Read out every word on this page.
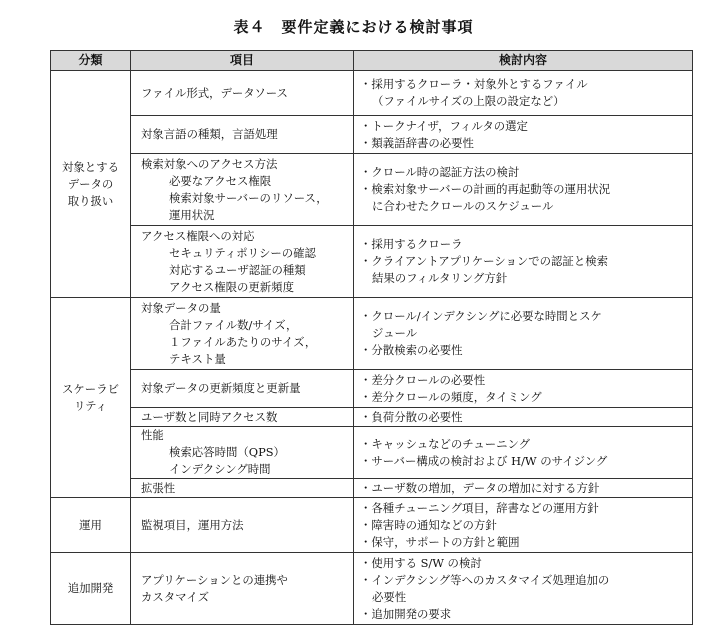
表４　要件定義における検討事項
分類	項目	検討内容

対象とする
データの
取り扱い	ファイル形式，データソース	・ 採用するクローラ・対象外とするファイル
（ファイルサイズの上限の設定など）

	対象言語の種類，言語処理	・ トークナイザ，フィルタの選定
・ 類義語辞書の必要性

	検索対象へのアクセス方法
必要なアクセス権限
検索対象サーバーのリソース，
運用状況	・ クロール時の認証方法の検討
・ 検索対象サーバーの計画的再起動等の運用状況
に合わせたクロールのスケジュール

	アクセス権限への対応
セキュリティポリシーの確認
対応するユーザ認証の種類
アクセス権限の更新頻度	・ 採用するクローラ
・ クライアントアプリケーションでの認証と検索
結果のフィルタリング方針

スケーラビ
リティ	対象データの量
合計ファイル数/サイズ，
１ファイルあたりのサイズ，
テキスト量	・ クロール/インデクシングに必要な時間とスケ
ジュール
・ 分散検索の必要性

	対象データの更新頻度と更新量	・ 差分クロールの必要性
・ 差分クロールの頻度，タイミング

	ユーザ数と同時アクセス数	・ 負荷分散の必要性

	性能
検索応答時間（QPS）
インデクシング時間	・ キャッシュなどのチューニング
・ サーバー構成の検討および H/W のサイジング

	拡張性	・ ユーザ数の増加，データの増加に対する方針

運用	監視項目，運用方法	・ 各種チューニング項目，辞書などの運用方針
・ 障害時の通知などの方針
・ 保守，サポートの方針と範囲

追加開発	アプリケーションとの連携や
カスタマイズ	・ 使用する S/W の検討
・ インデクシング等へのカスタマイズ処理追加の
必要性
・ 追加開発の要求
